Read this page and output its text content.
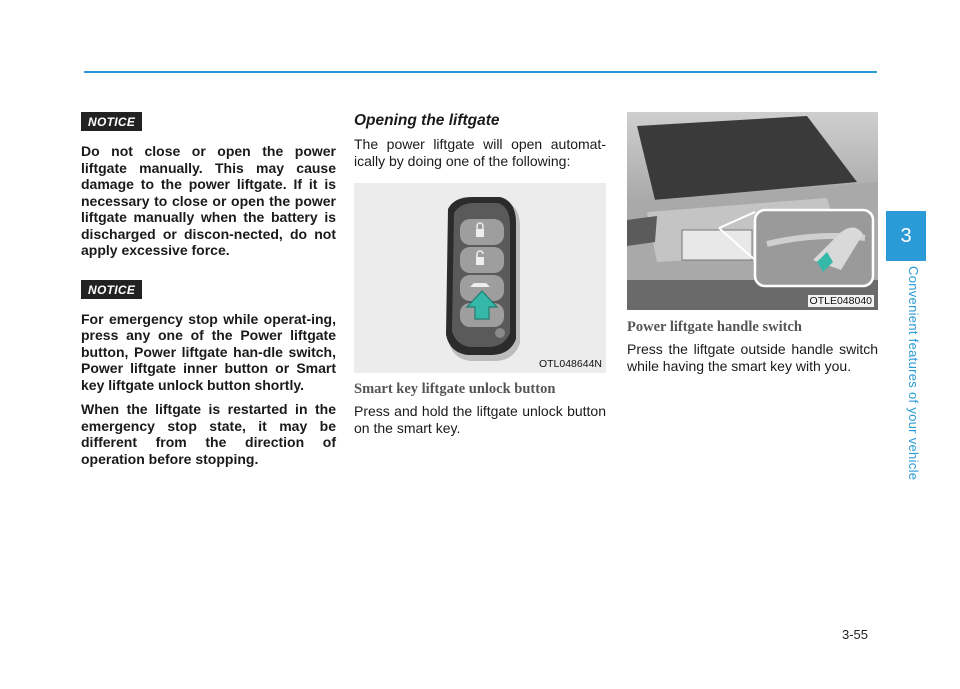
NOTICE

Do not close or open the power liftgate manually. This may cause damage to the power liftgate. If it is necessary to close or open the power liftgate manually when the battery is discharged or discon-nected, do not apply excessive force.

NOTICE

For emergency stop while operat-ing, press any one of the Power liftgate button, Power liftgate han-dle switch, Power liftgate inner button or Smart key liftgate unlock button shortly.

When the liftgate is restarted in the emergency stop state, it may be different from the direction of operation before stopping.

Opening the liftgate

The power liftgate will open automat-ically by doing one of the following:

OTL048644N

Smart key liftgate unlock button

Press and hold the liftgate unlock button on the smart key.

OTLE048040

Power liftgate handle switch

Press the liftgate outside handle switch while having the smart key with you.

3
Convenient features of your vehicle
3-55
